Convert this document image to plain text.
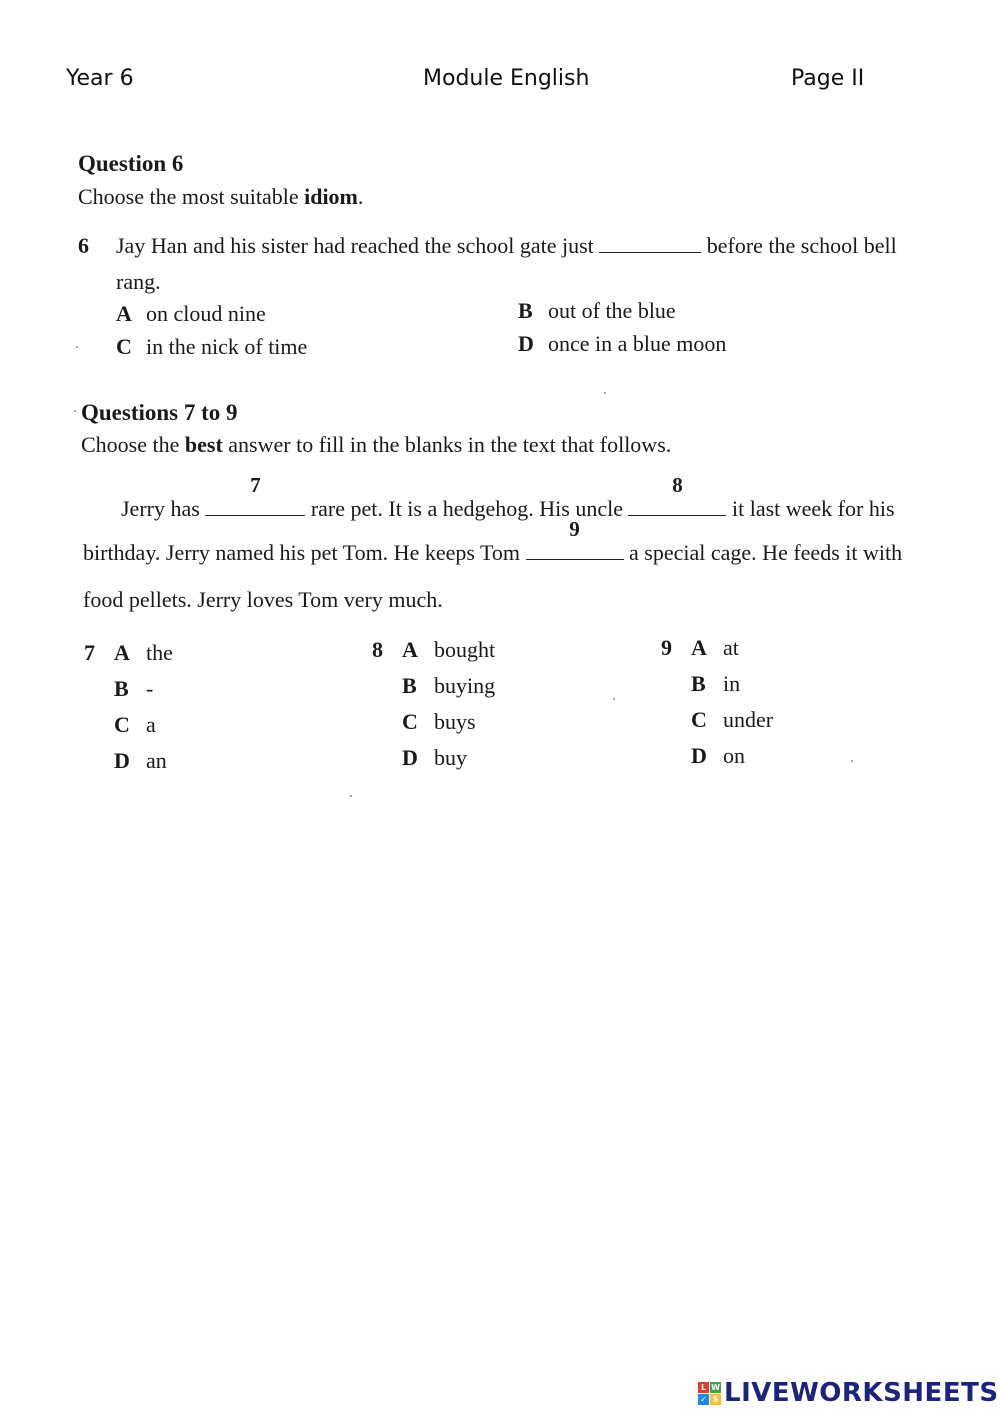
Year 6	Module English	Page II
Question 6
Choose the most suitable idiom.
6 Jay Han and his sister had reached the school gate just	before the school bell
rang.
A on cloud nine	B out of the blue
C in the nick of time	D once in a blue moon
Questions 7 to 9
Choose the best answer to fill in the blanks in the text that follows.
Jerry has
7
rare pet. It is a hedgehog. His uncle
8
it last week for his
birthday. Jerry named his pet Tom. He keeps Tom
9
a special cage. He feeds it with
food pellets. Jerry loves Tom very much.
7 A the
B -
C a
D an
8 A bought
B buying
C buys
D buy
9 A at
B in
C under
D on
L W
✓ S LIVEWORKSHEETS
